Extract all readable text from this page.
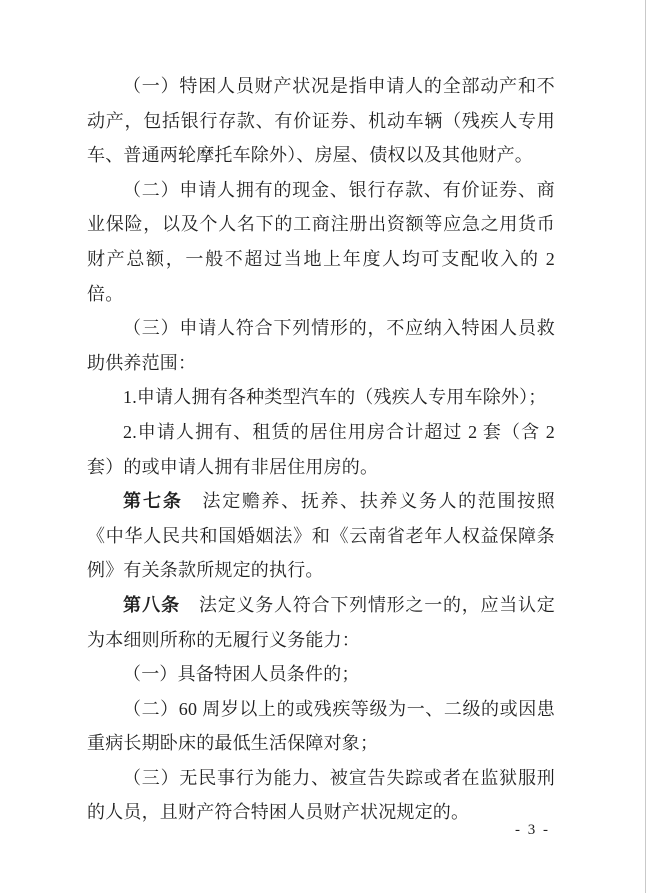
（一）特困人员财产状况是指申请人的全部动产和不动产，包括银行存款、有价证券、机动车辆（残疾人专用车、普通两轮摩托车除外）、房屋、债权以及其他财产。

（二）申请人拥有的现金、银行存款、有价证券、商业保险，以及个人名下的工商注册出资额等应急之用货币财产总额，一般不超过当地上年度人均可支配收入的 2 倍。

（三）申请人符合下列情形的，不应纳入特困人员救助供养范围：

1.申请人拥有各种类型汽车的（残疾人专用车除外）；

2.申请人拥有、租赁的居住用房合计超过 2 套（含 2 套）的或申请人拥有非居住用房的。

第七条　法定赡养、抚养、扶养义务人的范围按照《中华人民共和国婚姻法》和《云南省老年人权益保障条例》有关条款所规定的执行。

第八条　法定义务人符合下列情形之一的，应当认定为本细则所称的无履行义务能力：

（一）具备特困人员条件的；

（二）60 周岁以上的或残疾等级为一、二级的或因患重病长期卧床的最低生活保障对象；

（三）无民事行为能力、被宣告失踪或者在监狱服刑的人员，且财产符合特困人员财产状况规定的。

- 3 -
